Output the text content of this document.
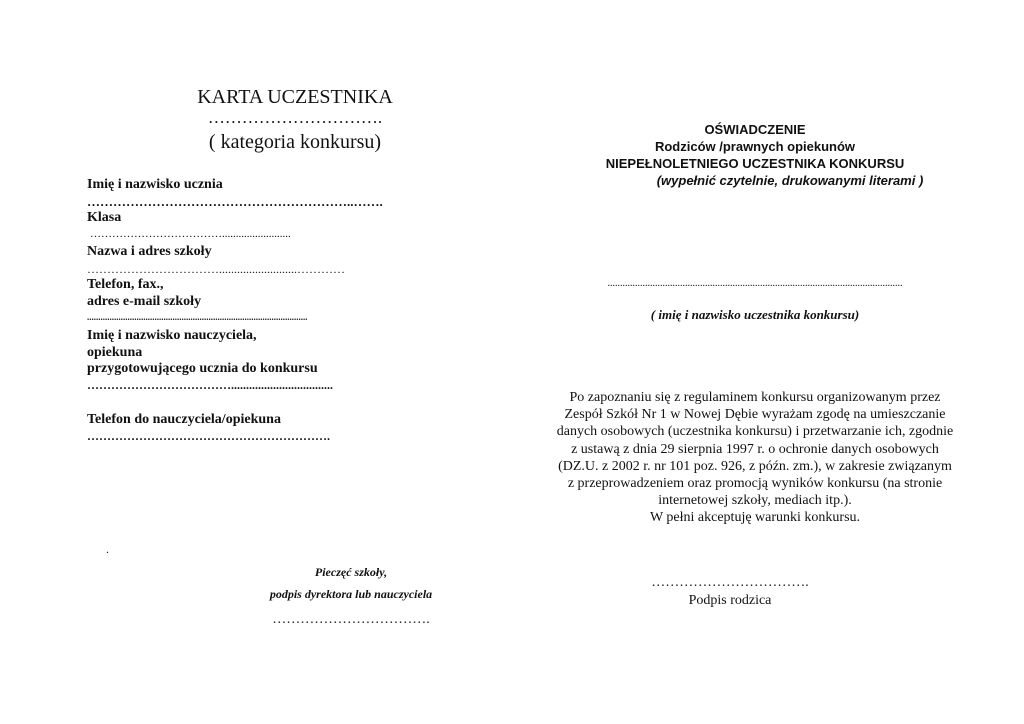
KARTA UCZESTNIKA
………………………….
( kategoria konkursu)
Imię i nazwisko ucznia
……………………………………………………..…….
Klasa
……………………………….........................
Nazwa i adres szkoły
……………………………..........................…………
Telefon, fax.,
adres e-mail szkoły
..................................................................................................
Imię i nazwisko nauczyciela,
opiekuna
przygotowującego ucznia do konkursu
………………………………..................................
Telefon do nauczyciela/opiekuna
…………………………………………………….
.
Pieczęć szkoły,
podpis dyrektora lub nauczyciela
…………………………….
OŚWIADCZENIE
Rodziców /prawnych opiekunów
NIEPEŁNOLETNIEGO UCZESTNIKA KONKURSU
(wypełnić czytelnie, drukowanymi literami )
......................................................................................................................
( imię i nazwisko uczestnika konkursu)
Po zapoznaniu się z regulaminem konkursu organizowanym przez
Zespół Szkół Nr 1 w Nowej Dębie wyrażam zgodę na umieszczanie
danych osobowych (uczestnika konkursu) i przetwarzanie ich, zgodnie
z ustawą z dnia 29 sierpnia 1997 r. o ochronie danych osobowych
(DZ.U. z 2002 r. nr 101 poz. 926, z późn. zm.), w zakresie związanym
z przeprowadzeniem oraz promocją wyników konkursu (na stronie
internetowej szkoły, mediach itp.).
W pełni akceptuję warunki konkursu.
…………………………….
Podpis rodzica
